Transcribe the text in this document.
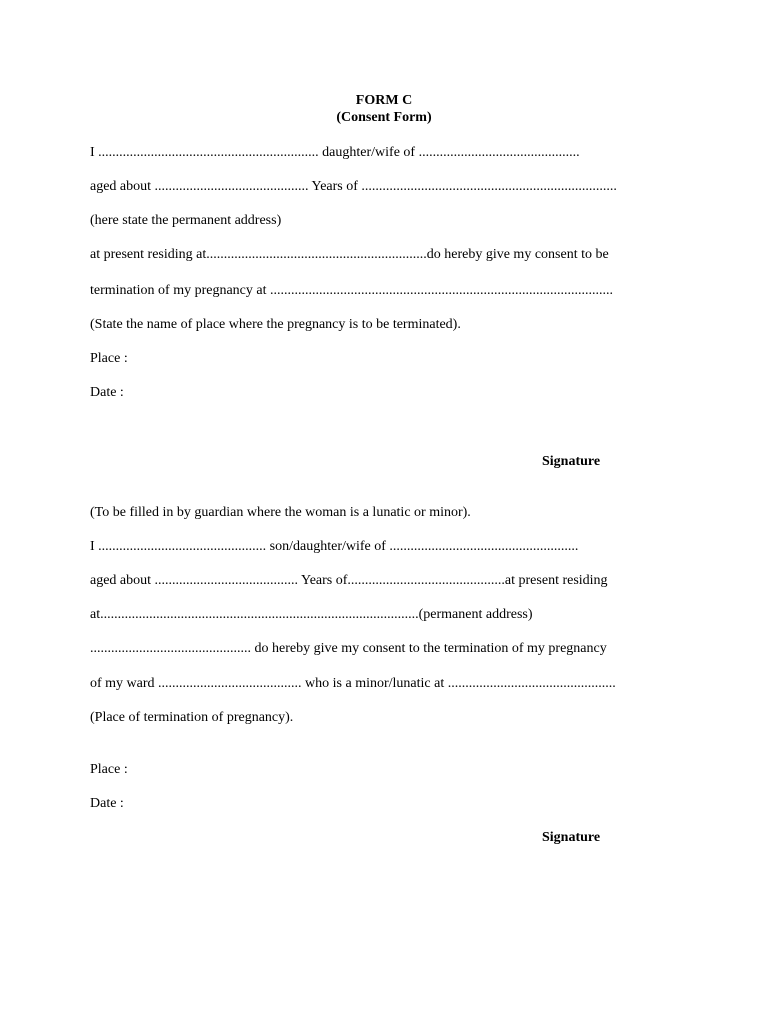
FORM C
(Consent Form)
I ............................................................... daughter/wife of ..............................................
aged about ............................................ Years of .........................................................................
(here state the permanent address)
at present residing at...............................................................do hereby give my consent to be
termination of my pregnancy at ..................................................................................................
(State the name of place where the pregnancy is to be terminated).
Place :
Date :
Signature
(To be filled in by guardian where the woman is a lunatic or minor).
I ................................................ son/daughter/wife of ......................................................
aged about ......................................... Years of.............................................at present residing
at...........................................................................................(permanent address)
.............................................. do hereby give my consent to the termination of my pregnancy
of my ward ......................................... who is a minor/lunatic at ................................................
(Place of termination of pregnancy).
Place :
Date :
Signature
